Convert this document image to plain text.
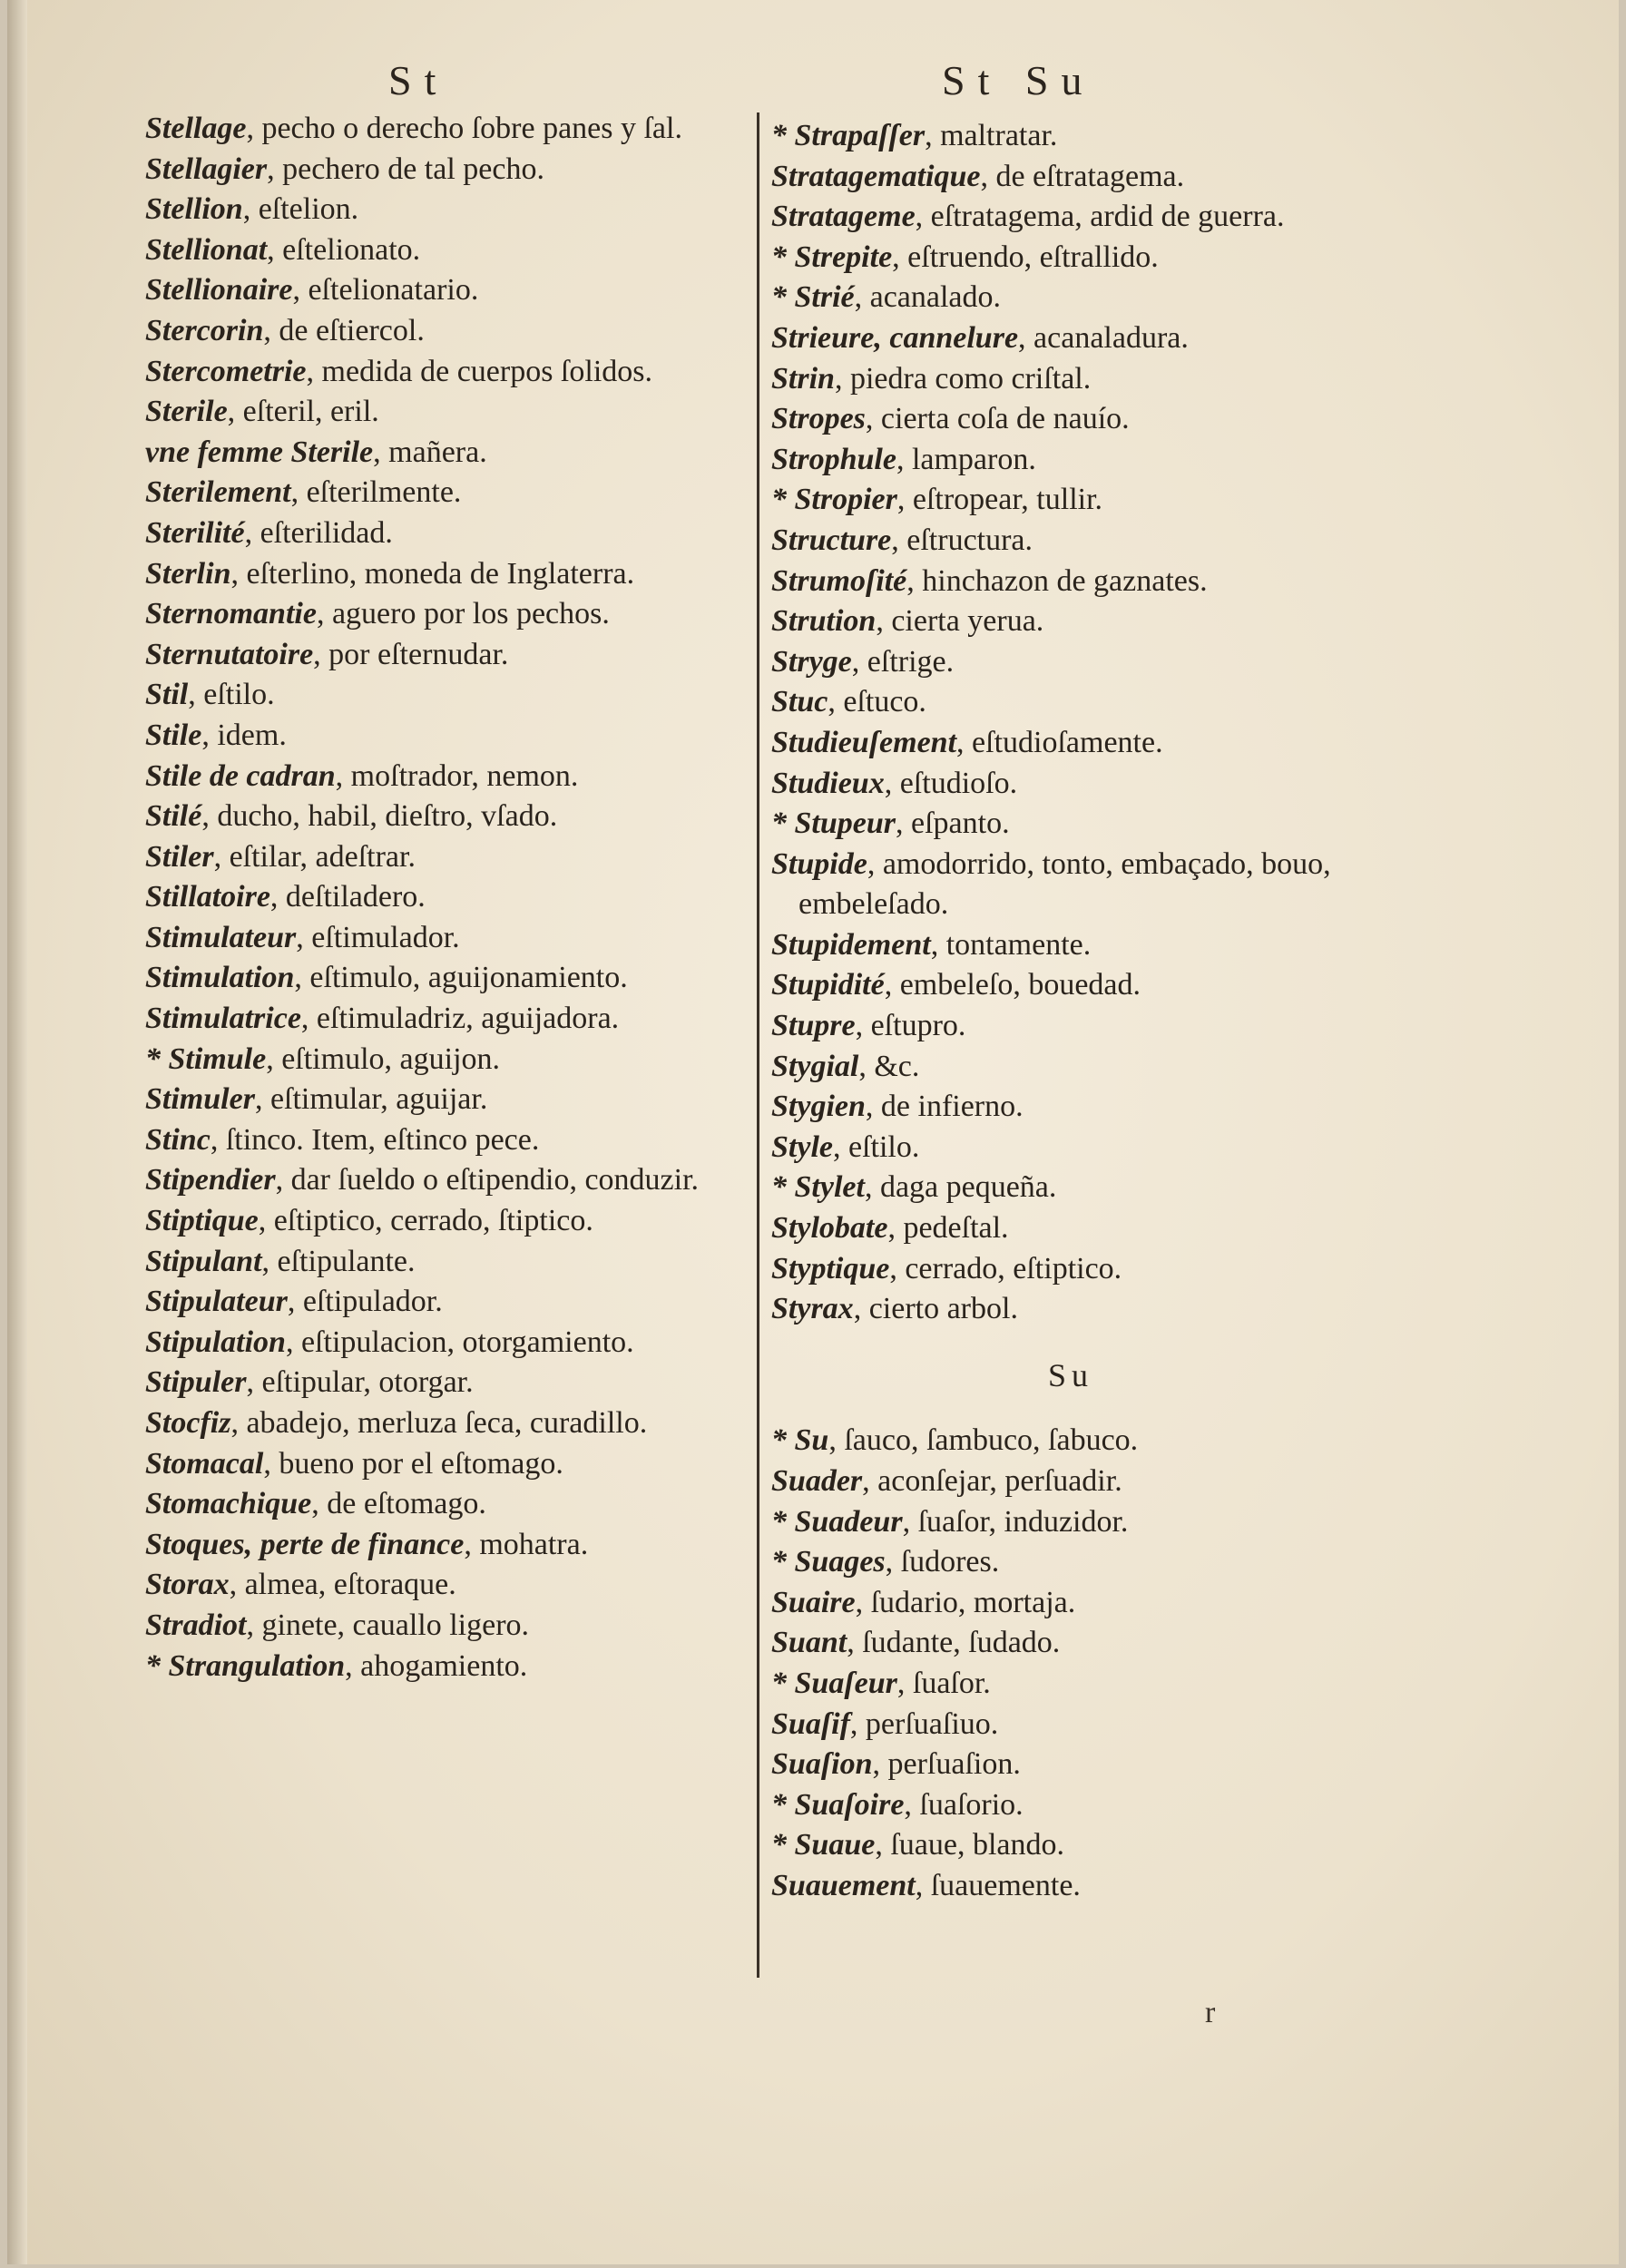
St	St Su

Stellage, pecho o derecho ſobre panes y ſal.

Stellagier, pechero de tal pecho.

Stellion, eſtelion.

Stellionat, eſtelionato.

Stellionaire, eſtelionatario.

Stercorin, de eſtiercol.

Stercometrie, medida de cuerpos ſolidos.

Sterile, eſteril, eril.

vne femme Sterile, mañera.

Sterilement, eſterilmente.

Sterilité, eſterilidad.

Sterlin, eſterlino, moneda de Inglaterra.

Sternomantie, aguero por los pechos.

Sternutatoire, por eſternudar.

Stil, eſtilo.

Stile, idem.

Stile de cadran, moſtrador, nemon.

Stilé, ducho, habil, dieſtro, vſado.

Stiler, eſtilar, adeſtrar.

Stillatoire, deſtiladero.

Stimulateur, eſtimulador.

Stimulation, eſtimulo, aguijonamiento.

Stimulatrice, eſtimuladriz, aguijadora.

* Stimule, eſtimulo, aguijon.

Stimuler, eſtimular, aguijar.

Stinc, ſtinco. Item, eſtinco pece.

Stipendier, dar ſueldo o eſtipendio, conduzir.

Stiptique, eſtiptico, cerrado, ſtiptico.

Stipulant, eſtipulante.

Stipulateur, eſtipulador.

Stipulation, eſtipulacion, otorgamiento.

Stipuler, eſtipular, otorgar.

Stocfiz, abadejo, merluza ſeca, curadillo.

Stomacal, bueno por el eſtomago.

Stomachique, de eſtomago.

Stoques, perte de finance, mohatra.

Storax, almea, eſtoraque.

Stradiot, ginete, cauallo ligero.

* Strangulation, ahogamiento.

* Strapaſſer, maltratar.

Stratagematique, de eſtratagema.

Stratageme, eſtratagema, ardid de guerra.

* Strepite, eſtruendo, eſtrallido.

* Strié, acanalado.

Strieure, cannelure, acanaladura.

Strin, piedra como criſtal.

Stropes, cierta coſa de nauío.

Strophule, lamparon.

* Stropier, eſtropear, tullir.

Structure, eſtructura.

Strumoſité, hinchazon de gaznates.

Strution, cierta yerua.

Stryge, eſtrige.

Stuc, eſtuco.

Studieuſement, eſtudioſamente.

Studieux, eſtudioſo.

* Stupeur, eſpanto.

Stupide, amodorrido, tonto, embaçado, bouo, embeleſado.

Stupidement, tontamente.

Stupidité, embeleſo, bouedad.

Stupre, eſtupro.

Stygial, &c.

Stygien, de infierno.

Style, eſtilo.

* Stylet, daga pequeña.

Stylobate, pedeſtal.

Styptique, cerrado, eſtiptico.

Styrax, cierto arbol.

Su

* Su, ſauco, ſambuco, ſabuco.

Suader, aconſejar, perſuadir.

* Suadeur, ſuaſor, induzidor.

* Suages, ſudores.

Suaire, ſudario, mortaja.

Suant, ſudante, ſudado.

* Suaſeur, ſuaſor.

Suaſif, perſuaſiuo.

Suaſion, perſuaſion.

* Suaſoire, ſuaſorio.

* Suaue, ſuaue, blando.

Suauement, ſuauemente.

r
